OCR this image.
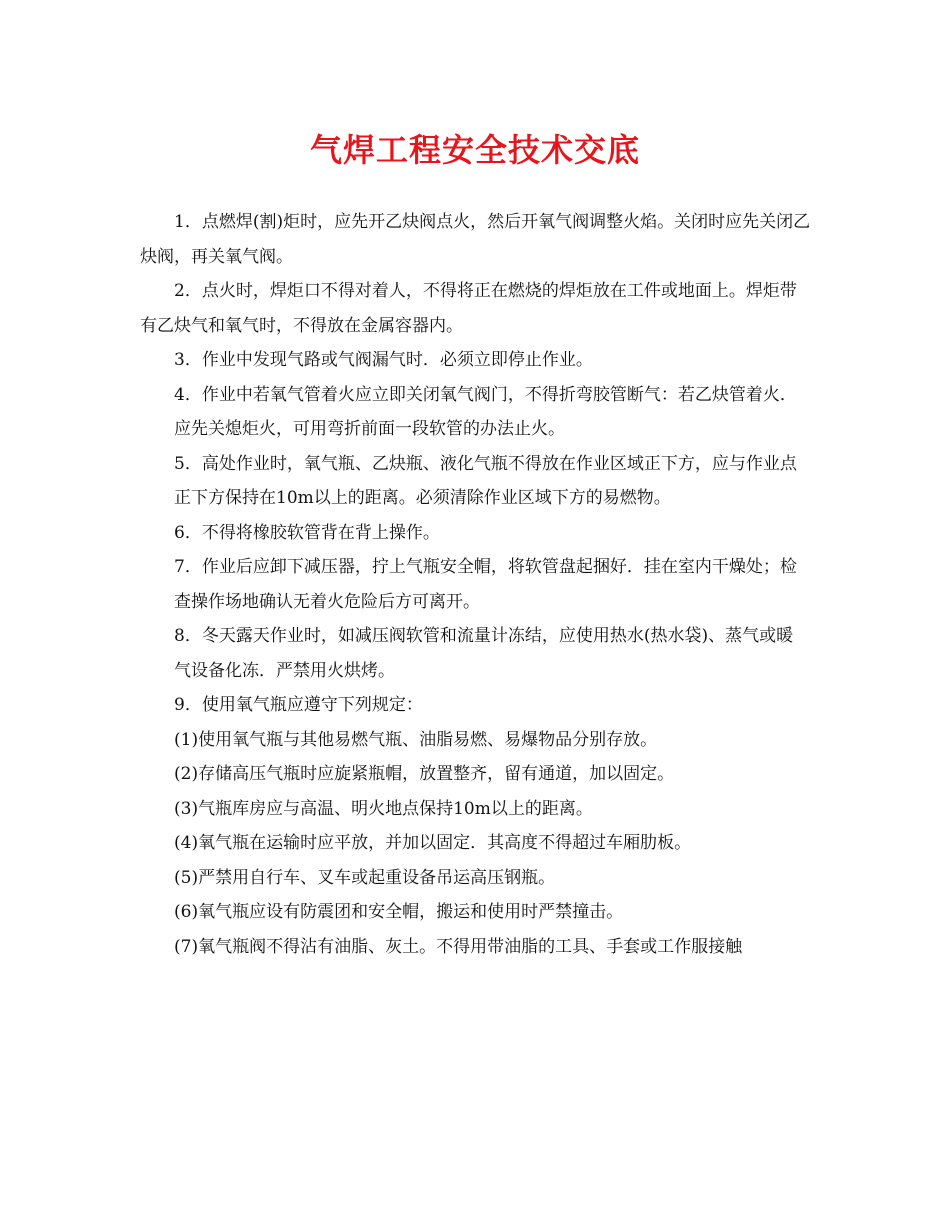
气焊工程安全技术交底

1．点燃焊(割)炬时，应先开乙炔阀点火，然后开氧气阀调整火焰。关闭时应先关闭乙炔阀，再关氧气阀。

2．点火时，焊炬口不得对着人，不得将正在燃烧的焊炬放在工件或地面上。焊炬带有乙炔气和氧气时，不得放在金属容器内。

3．作业中发现气路或气阀漏气时．必须立即停止作业。

4．作业中若氧气管着火应立即关闭氧气阀门，不得折弯胶管断气：若乙炔管着火．

应先关熄炬火，可用弯折前面一段软管的办法止火。

5．高处作业时，氧气瓶、乙炔瓶、液化气瓶不得放在作业区域正下方，应与作业点

正下方保持在10m以上的距离。必须清除作业区域下方的易燃物。

6．不得将橡胶软管背在背上操作。

7．作业后应卸下减压器，拧上气瓶安全帽，将软管盘起捆好．挂在室内干燥处；检

查操作场地确认无着火危险后方可离开。

8．冬天露天作业时，如减压阀软管和流量计冻结，应使用热水(热水袋)、蒸气或暖

气设备化冻．严禁用火烘烤。

9．使用氧气瓶应遵守下列规定：

(1)使用氧气瓶与其他易燃气瓶、油脂易燃、易爆物品分别存放。

(2)存储高压气瓶时应旋紧瓶帽，放置整齐，留有通道，加以固定。

(3)气瓶库房应与高温、明火地点保持10m以上的距离。

(4)氧气瓶在运输时应平放，并加以固定．其高度不得超过车厢肋板。

(5)严禁用自行车、叉车或起重设备吊运高压钢瓶。

(6)氧气瓶应设有防震团和安全帽，搬运和使用时严禁撞击。

(7)氧气瓶阀不得沾有油脂、灰土。不得用带油脂的工具、手套或工作服接触
